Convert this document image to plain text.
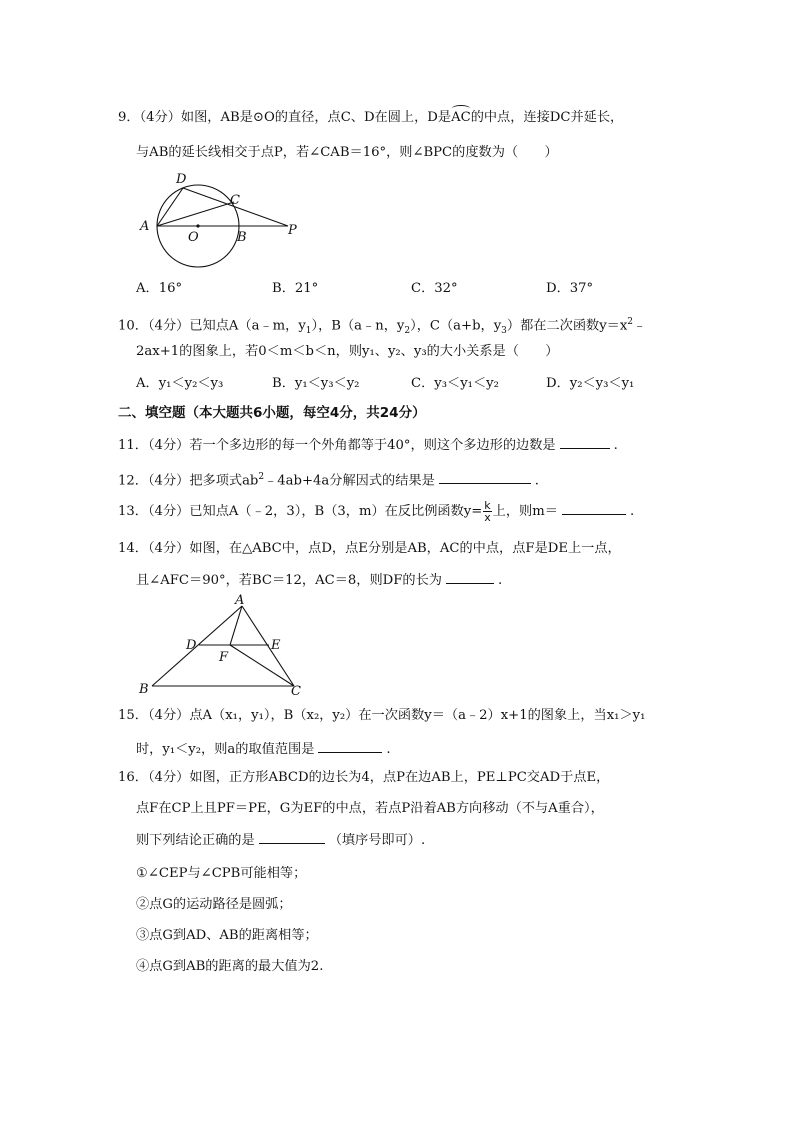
9．（4分）如图，AB是⊙O的直径，点C、D在圆上，D是AC的中点，连接DC并延长，
与AB的延长线相交于点P，若∠CAB＝16°，则∠BPC的度数为（　　）
D
C
A
O	B	P
A．16°	B．21°	C．32°	D．37°
10．（4分）已知点A（a﹣m，$y_1$），B（a﹣n，$y_2$），C（a+b，$y_3$）都在二次函数$y=x^2﹣$
2ax+1的图象上，若0＜m＜b＜n，则y₁、y₂、y₃的大小关系是（　　）
A．y₁＜y₂＜y₃	B．y₁＜y₃＜y₂	C．y₃＜y₁＜y₂	D．y₂＜y₃＜y₁
二、填空题（本大题共6小题，每空4分，共24分）
11．（4分）若一个多边形的每一个外角都等于40°，则这个多边形的边数是	.
12．（4分）把多项式$ab^2﹣4ab+4a$分解因式的结果是	.
13．（4分）已知点A（﹣2，3），B（3，m）在反比例函数$y= \frac{k}{x}$ 上，则m＝	.
14．（4分）如图，在△ABC中，点D，点E分别是AB，AC的中点，点F是DE上一点，
且∠AFC＝90°，若BC＝12，AC＝8，则DF的长为	.
A
D	E
F
B	C
15．（4分）点A（x₁，y₁），B（x₂，y₂）在一次函数y＝（a﹣2）x+1的图象上，当x₁＞y₁
时，y₁＜y₂，则a的取值范围是	.
16．（4分）如图，正方形ABCD的边长为4，点P在边AB上，PE⊥PC交AD于点E，
点F在CP上且PF＝PE，G为EF的中点，若点P沿着AB方向移动（不与A重合），
则下列结论正确的是	（填序号即可）.
①∠CEP与∠CPB可能相等；
②点G的运动路径是圆弧；
③点G到AD、AB的距离相等；
④点G到AB的距离的最大值为2.
